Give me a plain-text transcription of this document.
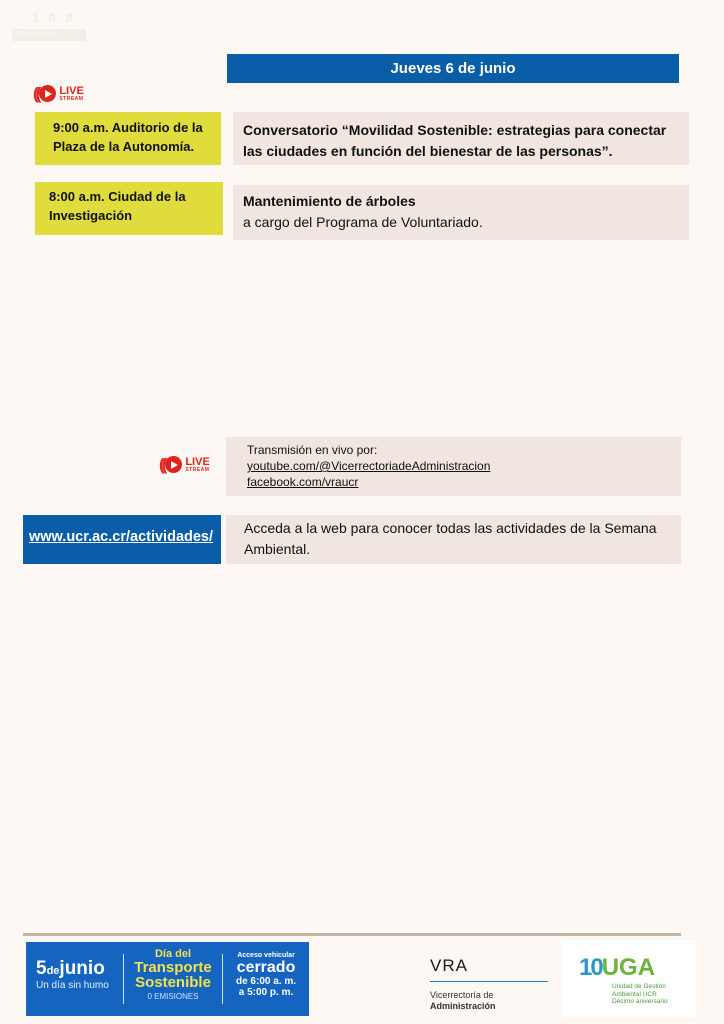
1 0 8
ANIVERSARIO
Jueves 6 de junio
(( LIVE
STREAM
9:00 a.m. Auditorio de la Plaza de la Autonomía.
Conversatorio “Movilidad Sostenible: estrategias para conectar las ciudades en función del bienestar de las personas”.
8:00 a.m. Ciudad de la Investigación
Mantenimiento de árboles
a cargo del Programa de Voluntariado.
(( LIVE
STREAM
Transmisión en vivo por:
youtube.com/@VicerrectoriadeAdministracion
facebook.com/vraucr
www.ucr.ac.cr/actividades/
Acceda a la web para conocer todas las actividades de la Semana Ambiental.
5dejunio
Un día sin humo
Día del
Transporte
Sostenible
0 EMISIONES
Acceso vehicular
cerrado
de 6:00 a. m.
a 5:00 p. m.
VRA
Vicerrectoría de
Administración
10 UGA
Unidad de Gestión
Ambiental UCR
Décimo aniversario
